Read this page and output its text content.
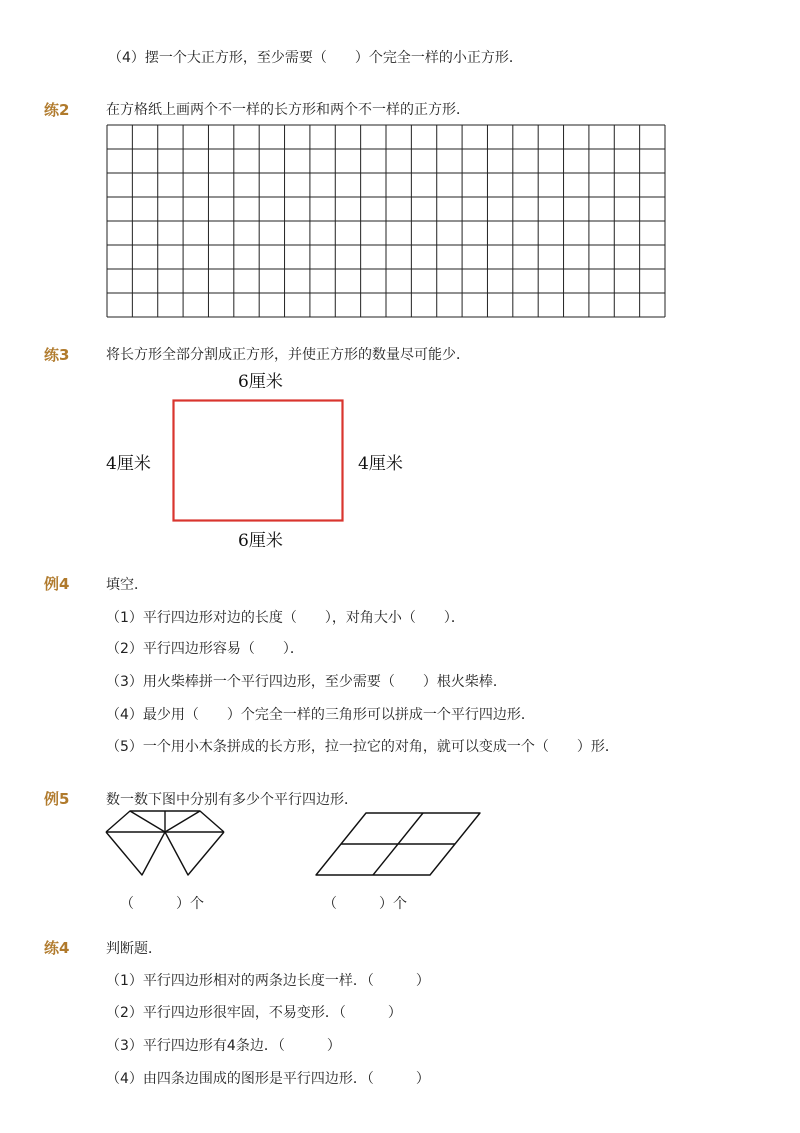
（4）摆一个大正方形，至少需要（　　）个完全一样的小正方形．
练2	在方格纸上画两个不一样的长方形和两个不一样的正方形．
练3	将长方形全部分割成正方形，并使正方形的数量尽可能少．
6厘米
4厘米	4厘米
6厘米
例4	填空．
（1）平行四边形对边的长度（　　），对角大小（　　）．
（2）平行四边形容易（　　）．
（3）用火柴棒拼一个平行四边形，至少需要（　　）根火柴棒．
（4）最少用（　　）个完全一样的三角形可以拼成一个平行四边形．
（5）一个用小木条拼成的长方形，拉一拉它的对角，就可以变成一个（　　）形．
例5	数一数下图中分别有多少个平行四边形．
（　　　）个	（　　　）个
练4	判断题．
（1）平行四边形相对的两条边长度一样．（　　　）
（2）平行四边形很牢固，不易变形．（　　　）
（3）平行四边形有4条边．（　　　）
（4）由四条边围成的图形是平行四边形．（　　　）
